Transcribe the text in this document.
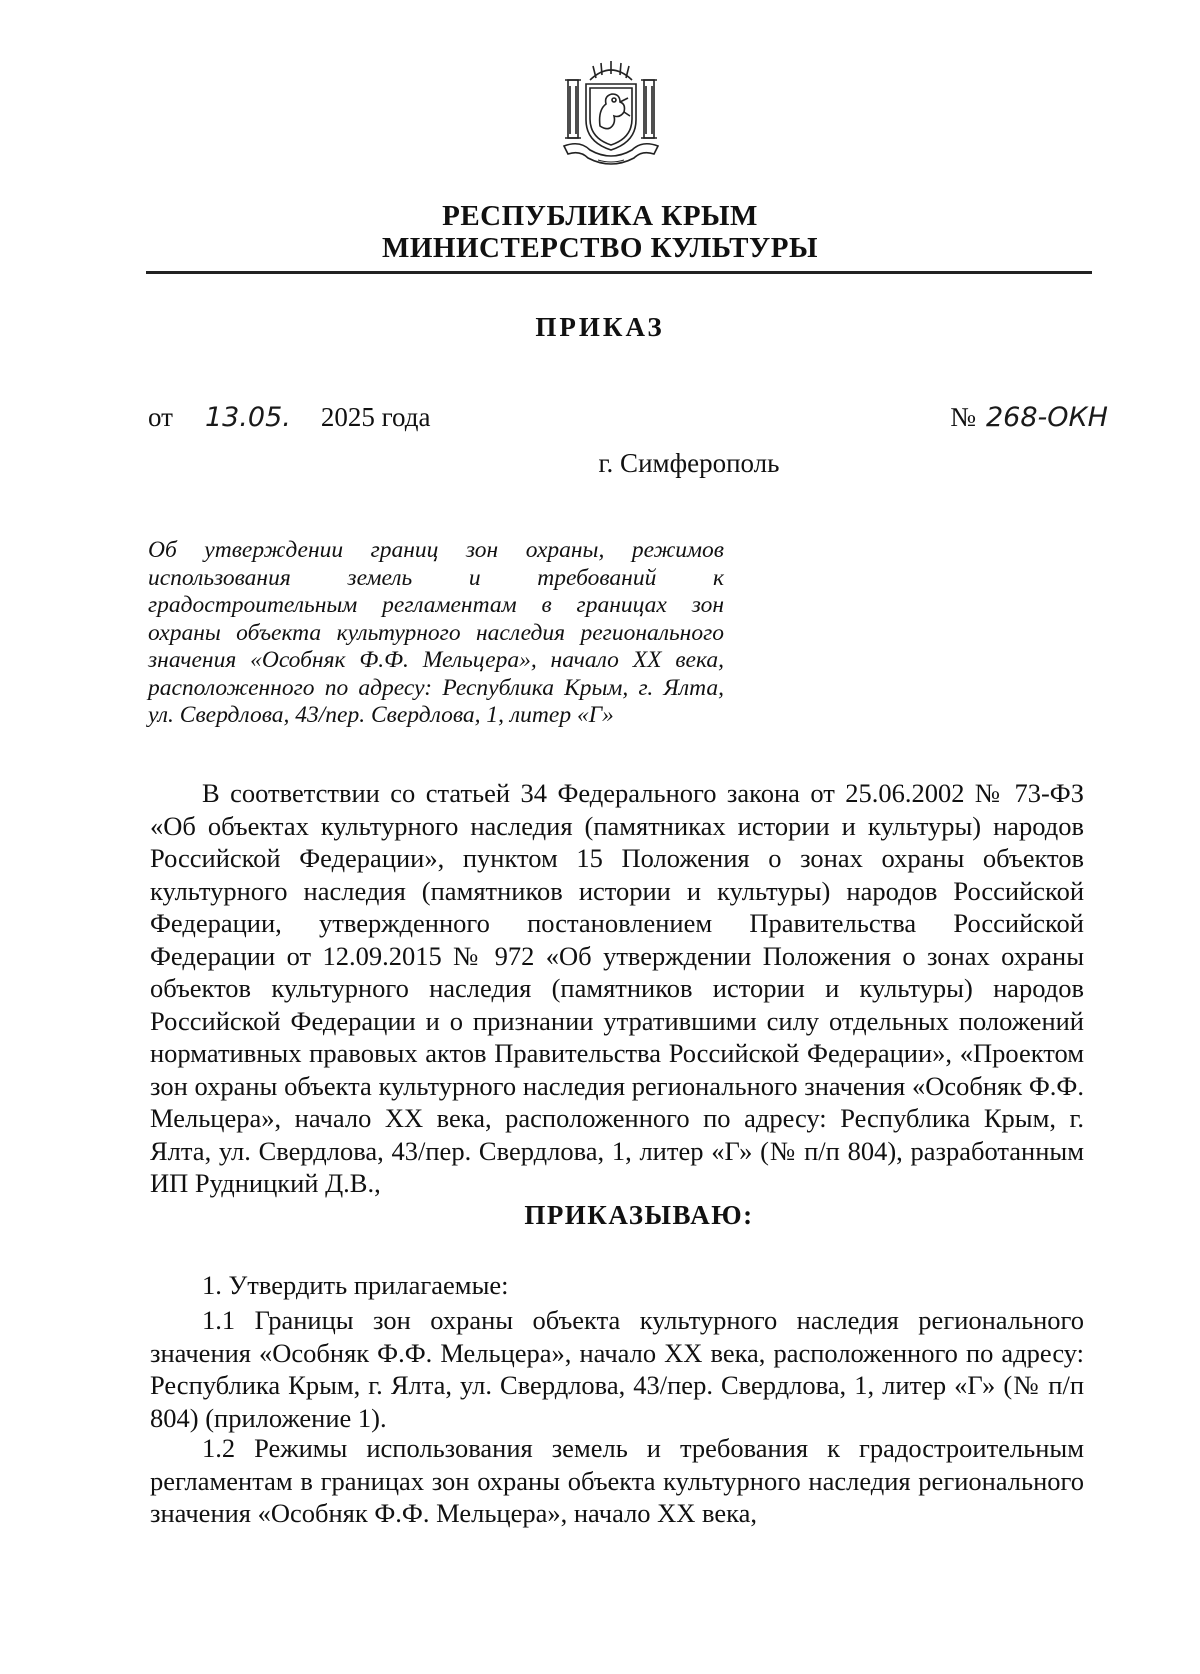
РЕСПУБЛИКА КРЫМ
МИНИСТЕРСТВО КУЛЬТУРЫ
ПРИКАЗ
от 13.05. 2025 года	№ 268-ОКН
г. Симферополь
Об утверждении границ зон охраны, режимов использования земель и требований к градостроительным регламентам в границах зон охраны объекта культурного наследия регионального значения «Особняк Ф.Ф. Мельцера», начало XX века, расположенного по адресу: Республика Крым, г. Ялта, ул. Свердлова, 43/пер. Свердлова, 1, литер «Г»
В соответствии со статьей 34 Федерального закона от 25.06.2002 № 73-ФЗ «Об объектах культурного наследия (памятниках истории и культуры) народов Российской Федерации», пунктом 15 Положения о зонах охраны объектов культурного наследия (памятников истории и культуры) народов Российской Федерации, утвержденного постановлением Правительства Российской Федерации от 12.09.2015 № 972 «Об утверждении Положения о зонах охраны объектов культурного наследия (памятников истории и культуры) народов Российской Федерации и о признании утратившими силу отдельных положений нормативных правовых актов Правительства Российской Федерации», «Проектом зон охраны объекта культурного наследия регионального значения «Особняк Ф.Ф. Мельцера», начало XX века, расположенного по адресу: Республика Крым, г. Ялта, ул. Свердлова, 43/пер. Свердлова, 1, литер «Г» (№ п/п 804), разработанным ИП Рудницкий Д.В.,
ПРИКАЗЫВАЮ:
1. Утвердить прилагаемые:
1.1 Границы зон охраны объекта культурного наследия регионального значения «Особняк Ф.Ф. Мельцера», начало XX века, расположенного по адресу: Республика Крым, г. Ялта, ул. Свердлова, 43/пер. Свердлова, 1, литер «Г» (№ п/п 804) (приложение 1).
1.2 Режимы использования земель и требования к градостроительным регламентам в границах зон охраны объекта культурного наследия регионального значения «Особняк Ф.Ф. Мельцера», начало XX века,
